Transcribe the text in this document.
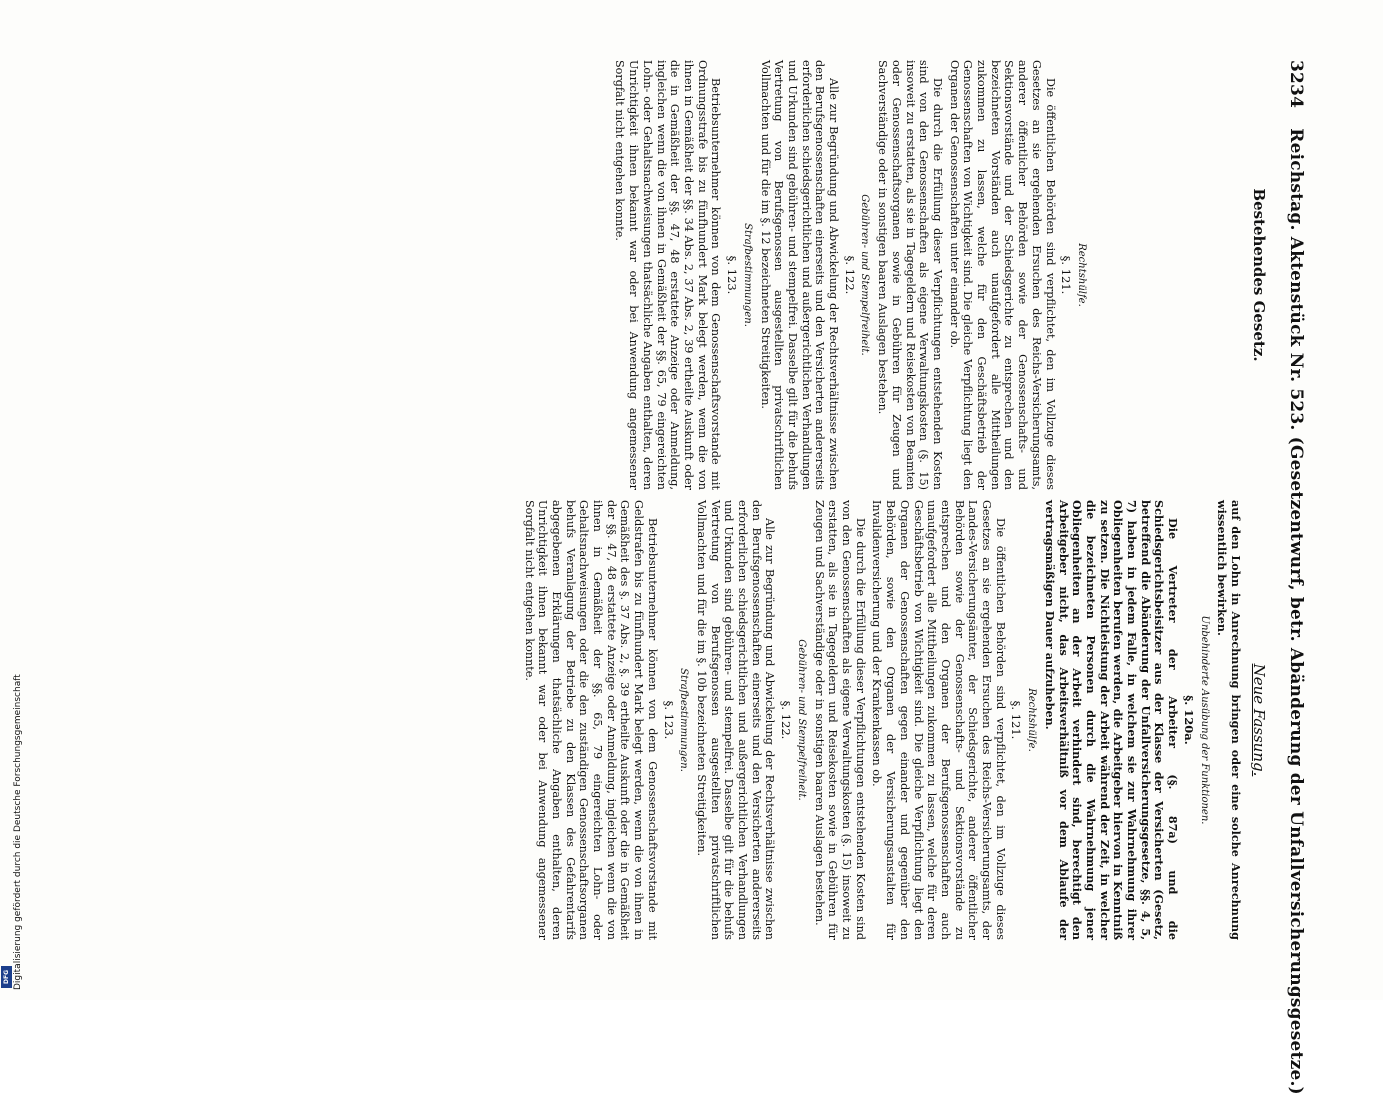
3234 Reichstag. Aktenstück Nr. 523. (Gesetzentwurf, betr. Abänderung der Unfallversicherungsgesetze.)
Bestehendes Gesetz.
Neue Fassung.
Rechtshülfe.
§. 121.

Die öffentlichen Behörden sind verpflichtet, den im Vollzuge dieses Gesetzes an sie ergehenden Ersuchen des Reichs-Versicherungsamts, anderer öffentlicher Behörden sowie der Genossenschafts- und Sektionsvorstände und der Schiedsgerichte zu entsprechen und den bezeichneten Vorständen auch unaufgefordert alle Mittheilungen zukommen zu lassen, welche für den Geschäftsbetrieb der Genossenschaften von Wichtigkeit sind. Die gleiche Verpflichtung liegt den Organen der Genossenschaften unter einander ob.

Die durch die Erfüllung dieser Verpflichtungen entstehenden Kosten sind von den Genossenschaften als eigene Verwaltungskosten (§. 15) insoweit zu erstatten, als sie in Tagegeldern und Reisekosten von Beamten oder Genossenschaftsorganen sowie in Gebühren für Zeugen und Sachverständige oder in sonstigen baaren Auslagen bestehen.

Gebühren- und Stempelfreiheit.
§. 122.

Alle zur Begründung und Abwickelung der Rechtsverhältnisse zwischen den Berufsgenossenschaften einerseits und den Versicherten andererseits erforderlichen schiedsgerichtlichen und außergerichtlichen Verhandlungen und Urkunden sind gebühren- und stempelfrei. Dasselbe gilt für die behufs Vertretung von Berufsgenossen ausgestellten privatschriftlichen Vollmachten und für die im §. 12 bezeichneten Streitigkeiten.

Strafbestimmungen.
§. 123.

Betriebsunternehmer können von dem Genossenschaftsvorstande mit Ordnungsstrafe bis zu fünfhundert Mark belegt werden, wenn die von ihnen in Gemäßheit der §§. 34 Abs. 2, 37 Abs. 2, 39 ertheilte Auskunft oder die in Gemäßheit der §§. 47, 48 erstattete Anzeige oder Anmeldung, ingleichen wenn die von ihnen in Gemäßheit der §§. 65, 79 eingereichten Lohn- oder Gehaltsnachweisungen thatsächliche Angaben enthalten, deren Unrichtigkeit ihnen bekannt war oder bei Anwendung angemessener Sorgfalt nicht entgehen konnte.

auf den Lohn in Anrechnung bringen oder eine solche Anrechnung wissentlich bewirken.

Unbehinderte Ausübung der Funktionen.
§. 120a.

Die Vertreter der Arbeiter (§. 87a) und die Schiedsgerichtsbeisitzer aus der Klasse der Versicherten (Gesetz, betreffend die Abänderung der Unfallversicherungsgesetze, §§. 4, 5, 7) haben in jedem Falle, in welchem sie zur Wahrnehmung ihrer Obliegenheiten berufen werden, die Arbeitgeber hiervon in Kenntniß zu setzen. Die Nichtleistung der Arbeit während der Zeit, in welcher die bezeichneten Personen durch die Wahrnehmung jener Obliegenheiten an der Arbeit verhindert sind, berechtigt den Arbeitgeber nicht, das Arbeitsverhältniß vor dem Ablaufe der vertragsmäßigen Dauer aufzuheben.

Rechtshülfe.
§. 121.

Die öffentlichen Behörden sind verpflichtet, den im Vollzuge dieses Gesetzes an sie ergehenden Ersuchen des Reichs-Versicherungsamts, der Landes-Versicherungsämter, der Schiedsgerichte, anderer öffentlicher Behörden sowie der Genossenschafts- und Sektionsvorstände zu entsprechen und den Organen der Berufsgenossenschaften auch unaufgefordert alle Mittheilungen zukommen zu lassen, welche für deren Geschäftsbetrieb von Wichtigkeit sind. Die gleiche Verpflichtung liegt den Organen der Genossenschaften gegen einander und gegenüber den Behörden, sowie den Organen der Versicherungsanstalten für Invalidenversicherung und der Krankenkassen ob.

Die durch die Erfüllung dieser Verpflichtungen entstehenden Kosten sind von den Genossenschaften als eigene Verwaltungskosten (§. 15) insoweit zu erstatten, als sie in Tagegeldern und Reisekosten sowie in Gebühren für Zeugen und Sachverständige oder in sonstigen baaren Auslagen bestehen.

Gebühren- und Stempelfreiheit.
§. 122.

Alle zur Begründung und Abwickelung der Rechtsverhältnisse zwischen den Berufsgenossenschaften einerseits und den Versicherten andererseits erforderlichen schiedsgerichtlichen und außergerichtlichen Verhandlungen und Urkunden sind gebühren- und stempelfrei. Dasselbe gilt für die behufs Vertretung von Berufsgenossen ausgestellten privatschriftlichen Vollmachten und für die im §. 10b bezeichneten Streitigkeiten.

Strafbestimmungen.
§. 123.

Betriebsunternehmer können von dem Genossenschaftsvorstande mit Geldstrafen bis zu fünfhundert Mark belegt werden, wenn die von ihnen in Gemäßheit des §. 37 Abs. 2, §. 39 ertheilte Auskunft oder die in Gemäßheit der §§. 47, 48 erstattete Anzeige oder Anmeldung, ingleichen wenn die von ihnen in Gemäßheit der §§. 65, 79 eingereichten Lohn- oder Gehaltsnachweisungen oder die den zuständigen Genossenschaftsorganen behufs Veranlagung der Betriebe zu den Klassen des Gefahrentarifs abgegebenen Erklärungen thatsächliche Angaben enthalten, deren Unrichtigkeit ihnen bekannt war oder bei Anwendung angemessener Sorgfalt nicht entgehen konnte.

Digitalisierung gefördert durch die Deutsche Forschungsgemeinschaft
DFG
